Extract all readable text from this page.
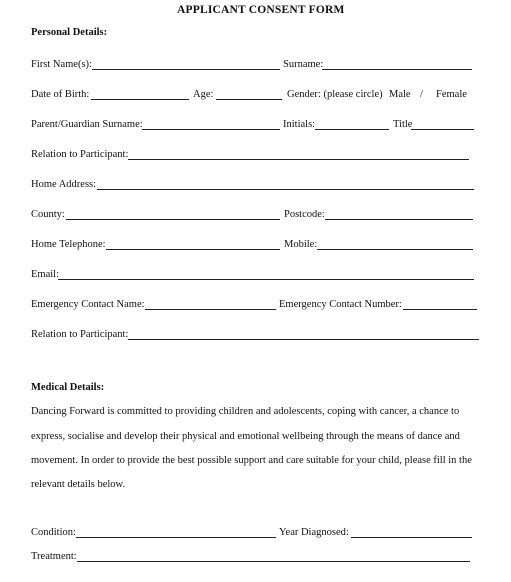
APPLICANT CONSENT FORM
Personal Details:
First Name(s):	Surname:
Date of Birth:	Age:	Gender: (please circle) Male / Female
Parent/Guardian Surname:	Initials:	Title
Relation to Participant:
Home Address:
County:	Postcode:
Home Telephone:	Mobile:
Email:
Emergency Contact Name:	Emergency Contact Number:
Relation to Participant:
Medical Details:
Dancing Forward is committed to providing children and adolescents, coping with cancer, a chance to
express, socialise and develop their physical and emotional wellbeing through the means of dance and
movement. In order to provide the best possible support and care suitable for your child, please fill in the
relevant details below.
Condition:	Year Diagnosed:
Treatment:
